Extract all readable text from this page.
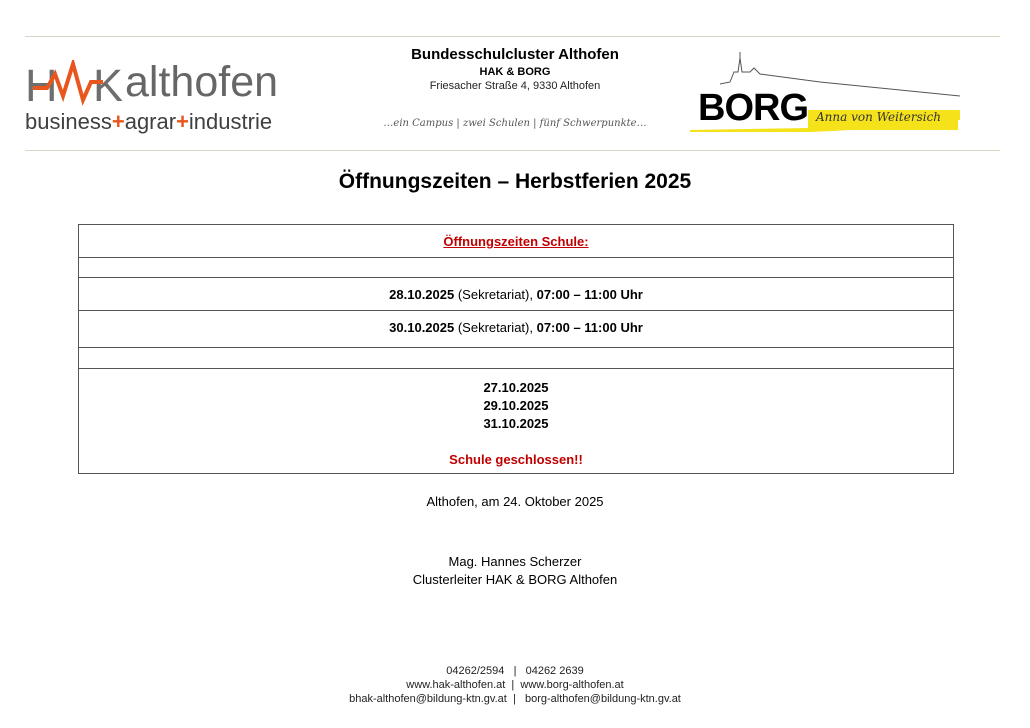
H K althofen
business+agrar+industrie
Bundesschulcluster Althofen
HAK & BORG
Friesacher Straße 4, 9330 Althofen
…ein Campus | zwei Schulen | fünf Schwerpunkte…	BORG Anna von Weitersich
Öffnungszeiten – Herbstferien 2025
Öffnungszeiten Schule:
28.10.2025 (Sekretariat), 07:00 – 11:00 Uhr
30.10.2025 (Sekretariat), 07:00 – 11:00 Uhr
27.10.2025
29.10.2025
31.10.2025
Schule geschlossen!!
Althofen, am 24. Oktober 2025
Mag. Hannes Scherzer
Clusterleiter HAK & BORG Althofen
04262/2594   |   04262 2639
www.hak-althofen.at  |  www.borg-althofen.at
bhak-althofen@bildung-ktn.gv.at  |   borg-althofen@bildung-ktn.gv.at
